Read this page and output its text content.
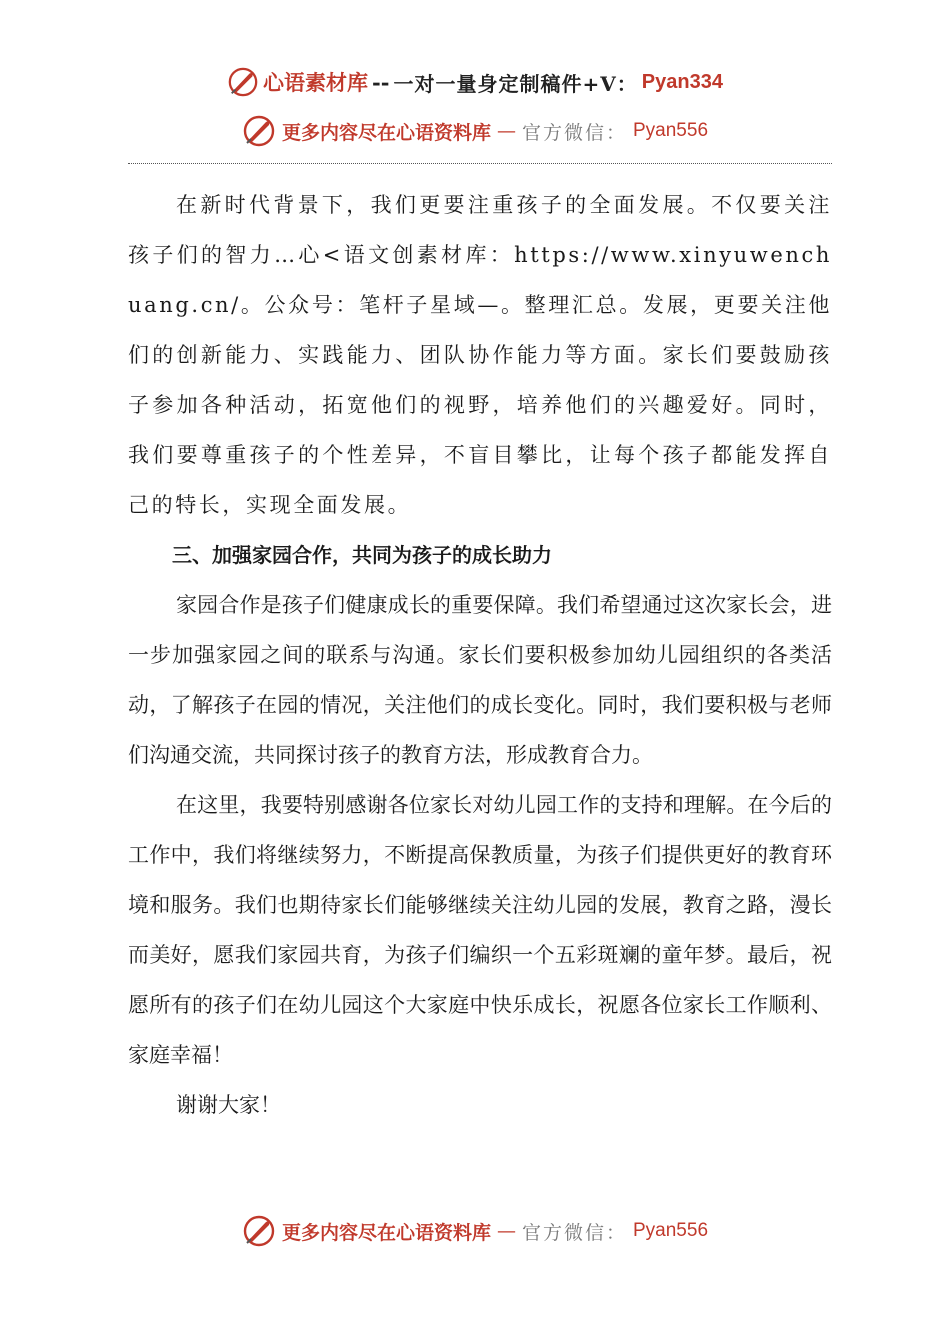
心语素材库 -- 一对一量身定制稿件+V： Pyan334
更多内容尽在心语资料库 — 官方微信： Pyan556

在新时代背景下，我们更要注重孩子的全面发展。不仅要关注孩子们的智力…心<语文创素材库：https://www.xinyuwenchuang.cn/。公众号：笔杆子星域—。整理汇总。发展，更要关注他们的创新能力、实践能力、团队协作能力等方面。家长们要鼓励孩子参加各种活动，拓宽他们的视野，培养他们的兴趣爱好。同时，我们要尊重孩子的个性差异，不盲目攀比，让每个孩子都能发挥自己的特长，实现全面发展。

三、加强家园合作，共同为孩子的成长助力

家园合作是孩子们健康成长的重要保障。我们希望通过这次家长会，进一步加强家园之间的联系与沟通。家长们要积极参加幼儿园组织的各类活动，了解孩子在园的情况，关注他们的成长变化。同时，我们要积极与老师们沟通交流，共同探讨孩子的教育方法，形成教育合力。

在这里，我要特别感谢各位家长对幼儿园工作的支持和理解。在今后的工作中，我们将继续努力，不断提高保教质量，为孩子们提供更好的教育环境和服务。我们也期待家长们能够继续关注幼儿园的发展，教育之路，漫长而美好，愿我们家园共育，为孩子们编织一个五彩斑斓的童年梦。最后，祝愿所有的孩子们在幼儿园这个大家庭中快乐成长，祝愿各位家长工作顺利、家庭幸福！

谢谢大家！

更多内容尽在心语资料库 — 官方微信： Pyan556
